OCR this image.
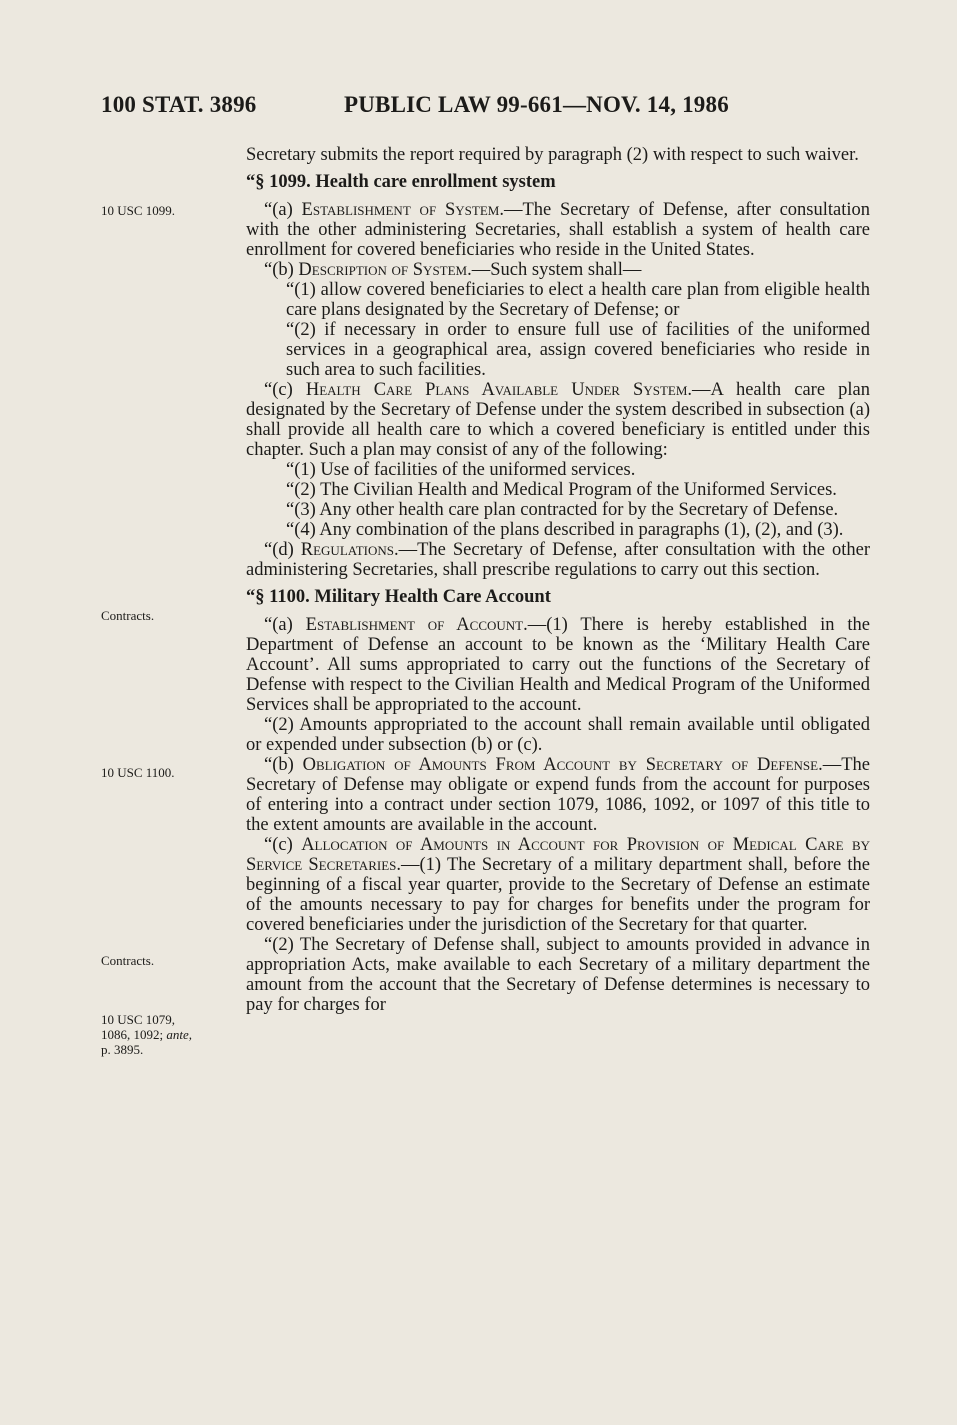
100 STAT. 3896	PUBLIC LAW 99-661—NOV. 14, 1986
10 USC 1099.
Contracts.
10 USC 1100.
Contracts.
10 USC 1079,
1086, 1092; ante,
p. 3895.

Secretary submits the report required by paragraph (2) with respect to such waiver.

“§ 1099. Health care enrollment system

“(a) Establishment of System.—The Secretary of Defense, after consultation with the other administering Secretaries, shall establish a system of health care enrollment for covered beneficiaries who reside in the United States.

“(b) Description of System.—Such system shall—

“(1) allow covered beneficiaries to elect a health care plan from eligible health care plans designated by the Secretary of Defense; or

“(2) if necessary in order to ensure full use of facilities of the uniformed services in a geographical area, assign covered beneficiaries who reside in such area to such facilities.

“(c) Health Care Plans Available Under System.—A health care plan designated by the Secretary of Defense under the system described in subsection (a) shall provide all health care to which a covered beneficiary is entitled under this chapter. Such a plan may consist of any of the following:

“(1) Use of facilities of the uniformed services.

“(2) The Civilian Health and Medical Program of the Uniformed Services.

“(3) Any other health care plan contracted for by the Secretary of Defense.

“(4) Any combination of the plans described in paragraphs (1), (2), and (3).

“(d) Regulations.—The Secretary of Defense, after consultation with the other administering Secretaries, shall prescribe regulations to carry out this section.

“§ 1100. Military Health Care Account

“(a) Establishment of Account.—(1) There is hereby established in the Department of Defense an account to be known as the ‘Military Health Care Account’. All sums appropriated to carry out the functions of the Secretary of Defense with respect to the Civilian Health and Medical Program of the Uniformed Services shall be appropriated to the account.

“(2) Amounts appropriated to the account shall remain available until obligated or expended under subsection (b) or (c).

“(b) Obligation of Amounts From Account by Secretary of Defense.—The Secretary of Defense may obligate or expend funds from the account for purposes of entering into a contract under section 1079, 1086, 1092, or 1097 of this title to the extent amounts are available in the account.

“(c) Allocation of Amounts in Account for Provision of Medical Care by Service Secretaries.—(1) The Secretary of a military department shall, before the beginning of a fiscal year quarter, provide to the Secretary of Defense an estimate of the amounts necessary to pay for charges for benefits under the program for covered beneficiaries under the jurisdiction of the Secretary for that quarter.

“(2) The Secretary of Defense shall, subject to amounts provided in advance in appropriation Acts, make available to each Secretary of a military department the amount from the account that the Secretary of Defense determines is necessary to pay for charges for
